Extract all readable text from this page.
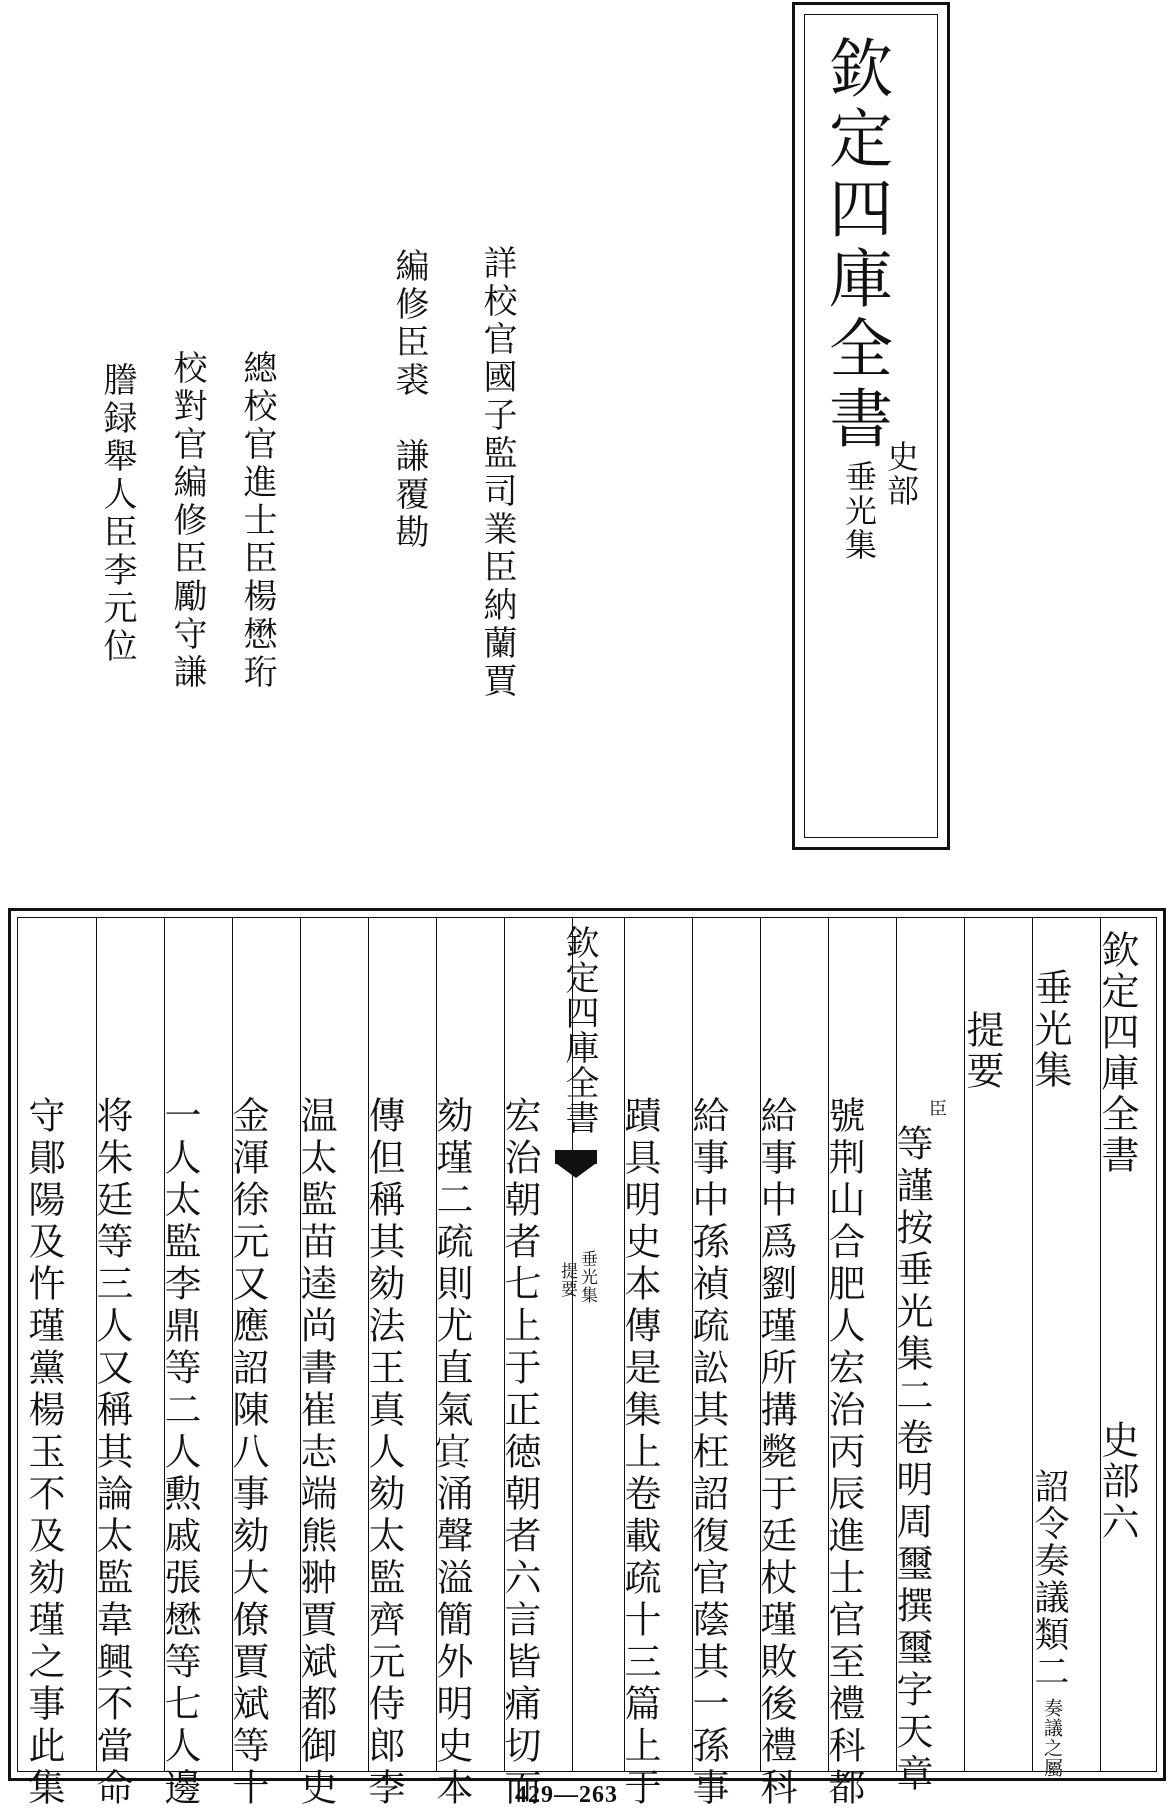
欽定四庫全書
史部
垂光集
詳校官國子監司業臣納蘭賈
編修臣裘　謙覆勘
總校官進士臣楊懋珩
校對官編修臣勵守謙
謄録舉人臣李元位
欽定四庫全書
史部六
垂光集
詔令奏議類二
奏議之屬
提要
臣
等謹按垂光集二卷明周璽撰璽字天章
號荆山合肥人宏治丙辰進士官至禮科都
給事中爲劉瑾所搆斃于廷杖瑾敗後禮科
給事中孫禎疏訟其枉詔復官蔭其一孫事
蹟具明史本傳是集上卷載疏十三篇上于
欽定四庫全書
垂光集
提要
宏治朝者七上于正徳朝者六言皆痛切而
劾瑾二疏則尤直氣𡨋涌聲溢簡外明史本
傳但稱其劾法王真人劾太監齊元侍郎李
温太監苗逵尚書崔志端熊翀賈斌都御史
金渾徐元又應詔陳八事劾大僚賈斌等十
一人太監李鼎等二人勲戚張懋等七人邊
将朱廷等三人又稱其論太監韋興不當命
守鄖陽及忤瑾黨楊玉不及劾瑾之事此集	429—263
